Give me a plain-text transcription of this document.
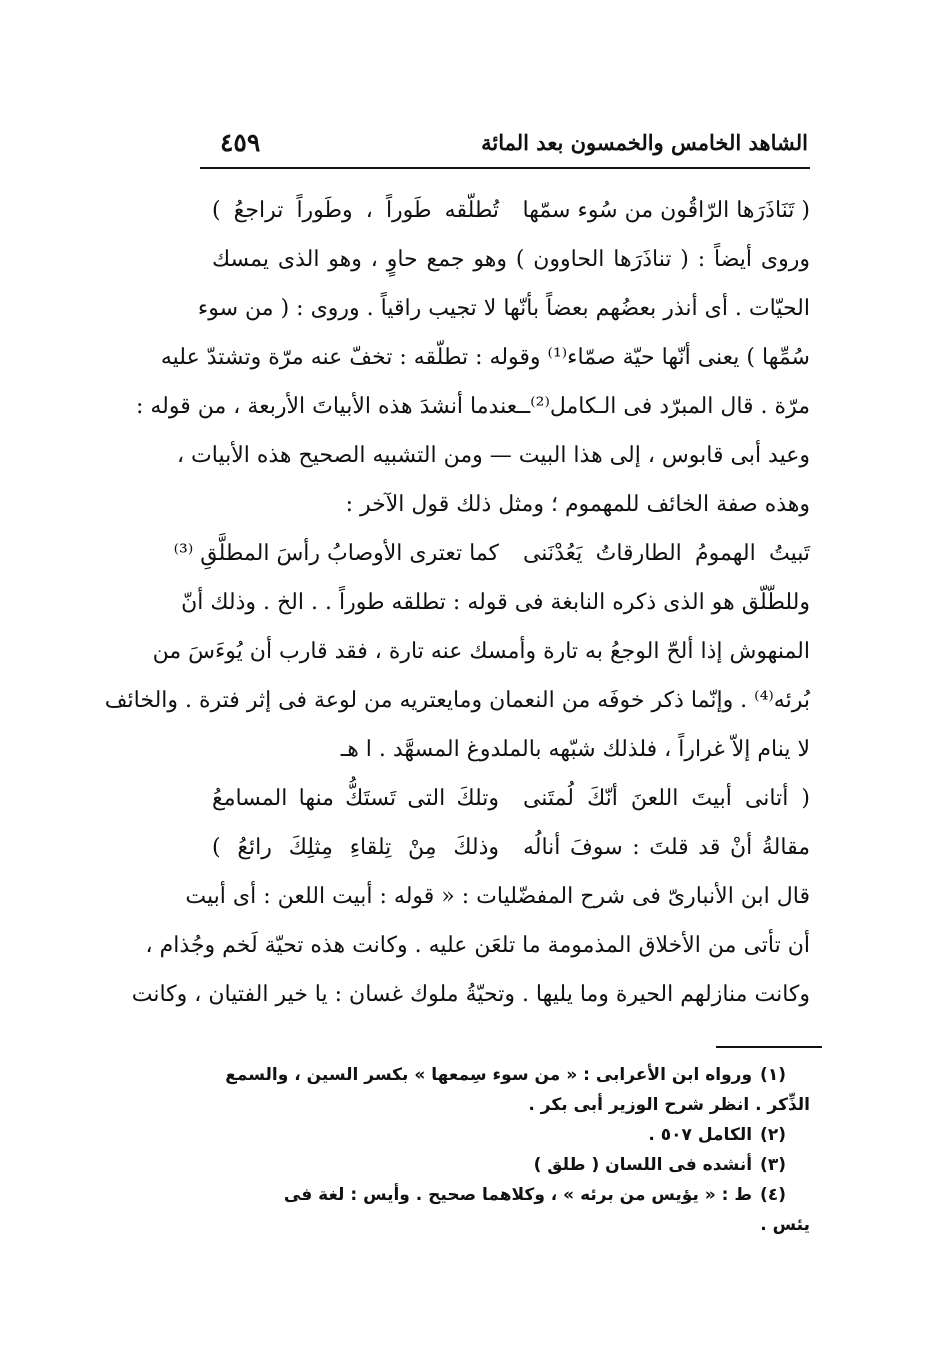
الشاهد الخامس والخمسون بعد المائة
٤٥٩
( تَنَاذَرَها الرّاقُون من سُوء سمّها
تُطلّقه طَوراً ، وطَوراً تراجعُ )
وروى أيضاً : ( تناذَرَها الحاوون ) وهو جمع حاوٍ ، وهو الذى يمسك
الحيّات . أى أنذر بعضُهم بعضاً بأنّها لا تجيب راقياً . وروى : ( من سوء
سُمِّها ) يعنى أنّها حيّة صمّاء⁽¹⁾ وقوله : تطلّقه : تخفّ عنه مرّة وتشتدّ عليه
مرّة . قال المبرّد فى الـكامل⁽²⁾ــعندما أنشدَ هذه الأبياتَ الأربعة ، من قوله :
وعيد أبى قابوس ، إلى هذا البيت — ومن التشبيه الصحيح هذه الأبيات ،
وهذه صفة الخائف للمهموم ؛ ومثل ذلك قول الآخر :
تَبيتُ الهمومُ الطارقاتُ يَعُدْنَنى
كما تعترى الأوصابُ رأسَ المطلَّقِ ⁽³⁾
وللطّلّق هو الذى ذكره النابغة فى قوله : تطلقه طوراً . . الخ . وذلك أنّ
المنهوش إذا ألحّ الوجعُ به تارة وأمسك عنه تارة ، فقد قارب أن يُوءَسَ من
بُرئه⁽⁴⁾ . وإنّما ذكر خوفَه من النعمان ومايعتريه من لوعة فى إثر فترة . والخائف
لا ينام إلاّ غراراً ، فلذلك شبّهه بالملدوغ المسهَّد . ا هـ
( أتانى أبيتَ اللعنَ أنّكَ لُمتَنى
وتلكَ التى تَستَكُّ منها المسامعُ
مقالةُ أنْ قد قلتَ : سوفَ أنالُه
وذلكَ مِنْ تِلقاءِ مِثلِكَ رائعُ )
قال ابن الأنبارىّ فى شرح المفضّليات : « قوله : أبيت اللعن : أى أبيت
أن تأتى من الأخلاق المذمومة ما تلعَن عليه . وكانت هذه تحيّة لَخم وجُذام ،
وكانت منازلهم الحيرة وما يليها . وتحيّةُ ملوك غسان : يا خير الفتيان ، وكانت
(١)ورواه ابن الأعرابى : « من سوء سِمعها » بكسر السين ، والسمع
الذِّكر . انظر شرح الوزير أبى بكر .
(٢)الكامل ٥٠٧ .
(٣)أنشده فى اللسان ( طلق )
(٤)ط : « يؤيس من برئه » ، وكلاهما صحيح . وأيس : لغة فى
يئس .
